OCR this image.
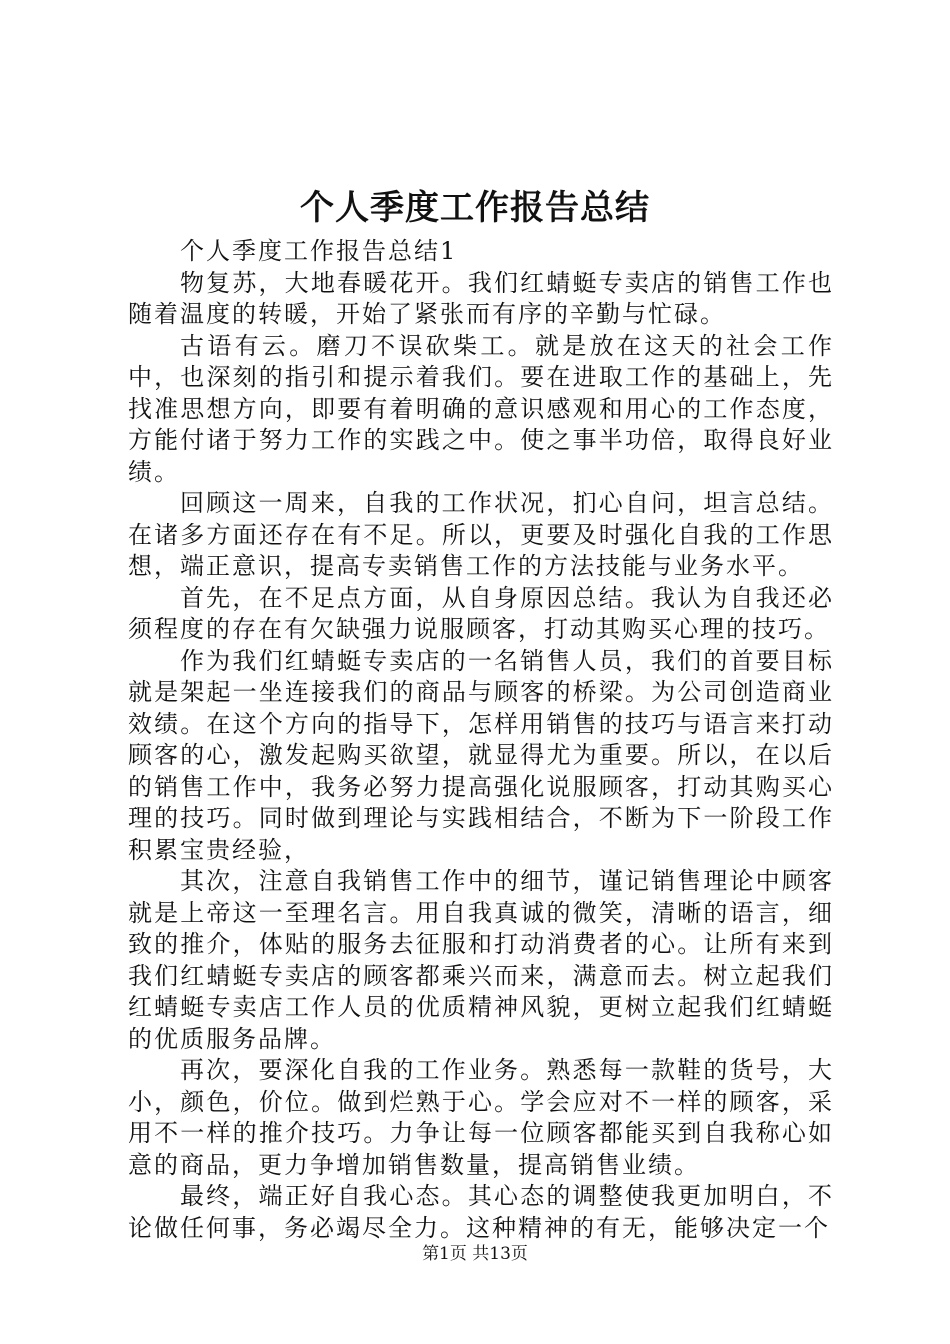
个人季度工作报告总结

个人季度工作报告总结1

物复苏，大地春暖花开。我们红蜻蜓专卖店的销售工作也随着温度的转暖，开始了紧张而有序的辛勤与忙碌。

古语有云。磨刀不误砍柴工。就是放在这天的社会工作中，也深刻的指引和提示着我们。要在进取工作的基础上，先找准思想方向，即要有着明确的意识感观和用心的工作态度，方能付诸于努力工作的实践之中。使之事半功倍，取得良好业绩。

回顾这一周来，自我的工作状况，扪心自问，坦言总结。在诸多方面还存在有不足。所以，更要及时强化自我的工作思想，端正意识，提高专卖销售工作的方法技能与业务水平。

首先，在不足点方面，从自身原因总结。我认为自我还必须程度的存在有欠缺强力说服顾客，打动其购买心理的技巧。

作为我们红蜻蜓专卖店的一名销售人员，我们的首要目标就是架起一坐连接我们的商品与顾客的桥梁。为公司创造商业效绩。在这个方向的指导下，怎样用销售的技巧与语言来打动顾客的心，激发起购买欲望，就显得尤为重要。所以，在以后的销售工作中，我务必努力提高强化说服顾客，打动其购买心理的技巧。同时做到理论与实践相结合，不断为下一阶段工作积累宝贵经验，

其次，注意自我销售工作中的细节，谨记销售理论中顾客就是上帝这一至理名言。用自我真诚的微笑，清晰的语言，细致的推介，体贴的服务去征服和打动消费者的心。让所有来到我们红蜻蜓专卖店的顾客都乘兴而来，满意而去。树立起我们红蜻蜓专卖店工作人员的优质精神风貌，更树立起我们红蜻蜓的优质服务品牌。

再次，要深化自我的工作业务。熟悉每一款鞋的货号，大小，颜色，价位。做到烂熟于心。学会应对不一样的顾客，采用不一样的推介技巧。力争让每一位顾客都能买到自我称心如意的商品，更力争增加销售数量，提高销售业绩。

最终，端正好自我心态。其心态的调整使我更加明白，不论做任何事，务必竭尽全力。这种精神的有无，能够决定一个

第1页 共13页
